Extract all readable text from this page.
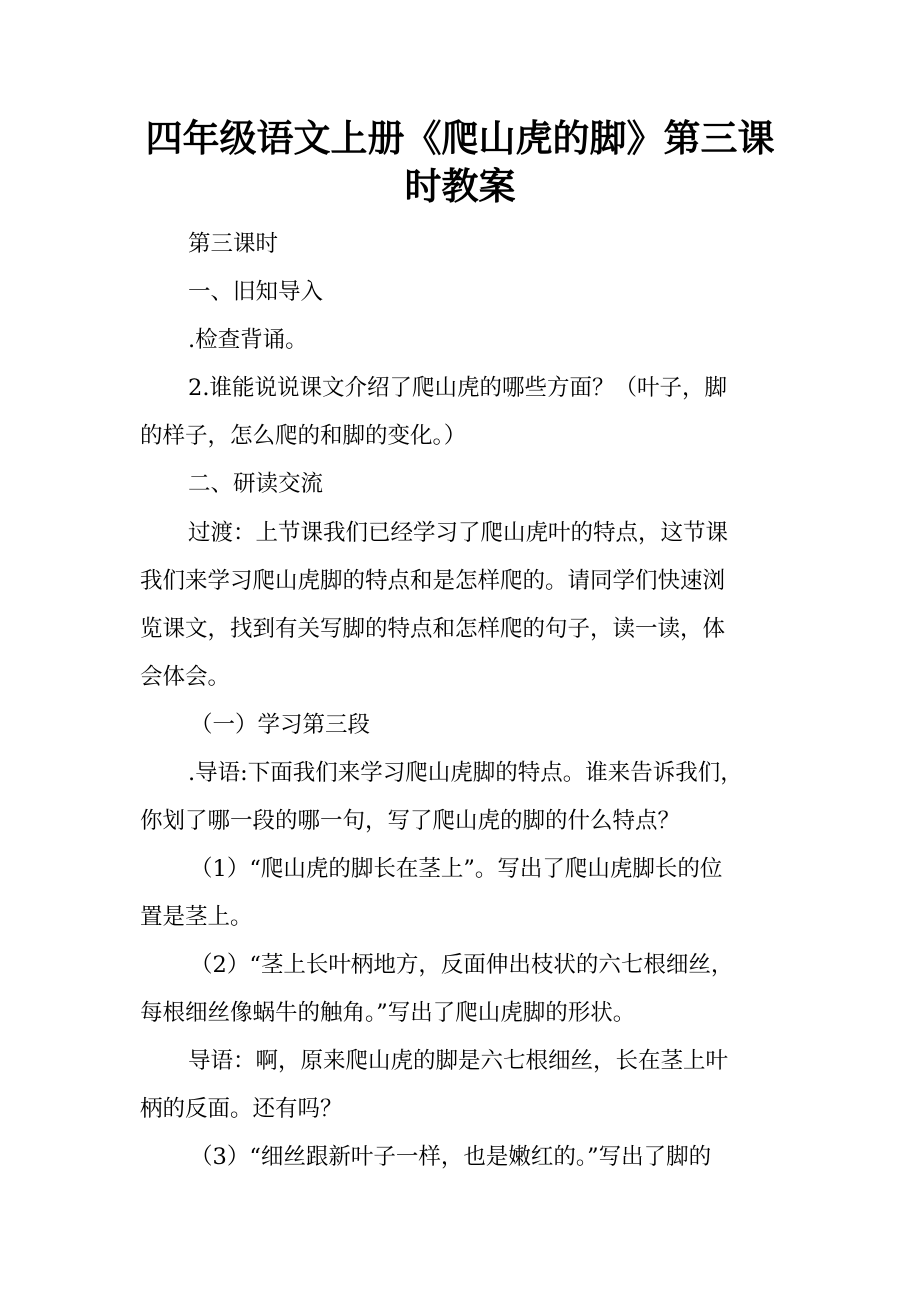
四年级语文上册《爬山虎的脚》第三课
时教案

第三课时

一、旧知导入

.检查背诵。

2.谁能说说课文介绍了爬山虎的哪些方面？（叶子，脚

的样子，怎么爬的和脚的变化。）

二、研读交流

过渡：上节课我们已经学习了爬山虎叶的特点，这节课

我们来学习爬山虎脚的特点和是怎样爬的。请同学们快速浏

览课文，找到有关写脚的特点和怎样爬的句子，读一读，体

会体会。

（一）学习第三段

.导语:下面我们来学习爬山虎脚的特点。谁来告诉我们，

你划了哪一段的哪一句，写了爬山虎的脚的什么特点？

（1）“爬山虎的脚长在茎上”。写出了爬山虎脚长的位

置是茎上。

（2）“茎上长叶柄地方，反面伸出枝状的六七根细丝，

每根细丝像蜗牛的触角。”写出了爬山虎脚的形状。

导语：啊，原来爬山虎的脚是六七根细丝，长在茎上叶

柄的反面。还有吗？

（3）“细丝跟新叶子一样，也是嫩红的。”写出了脚的
